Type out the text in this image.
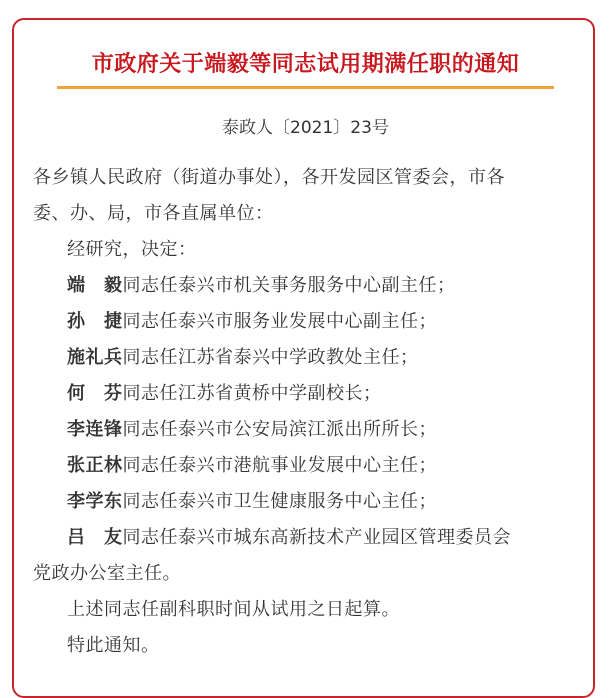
市政府关于端毅等同志试用期满任职的通知
泰政人〔2021〕23号
各乡镇人民政府（街道办事处），各开发园区管委会，市各
委、办、局，市各直属单位：
经研究，决定：
端　毅同志任泰兴市机关事务服务中心副主任；
孙　捷同志任泰兴市服务业发展中心副主任；
施礼兵同志任江苏省泰兴中学政教处主任；
何　芬同志任江苏省黄桥中学副校长；
李连锋同志任泰兴市公安局滨江派出所所长；
张正林同志任泰兴市港航事业发展中心主任；
李学东同志任泰兴市卫生健康服务中心主任；
吕　友同志任泰兴市城东高新技术产业园区管理委员会
党政办公室主任。
上述同志任副科职时间从试用之日起算。
特此通知。
